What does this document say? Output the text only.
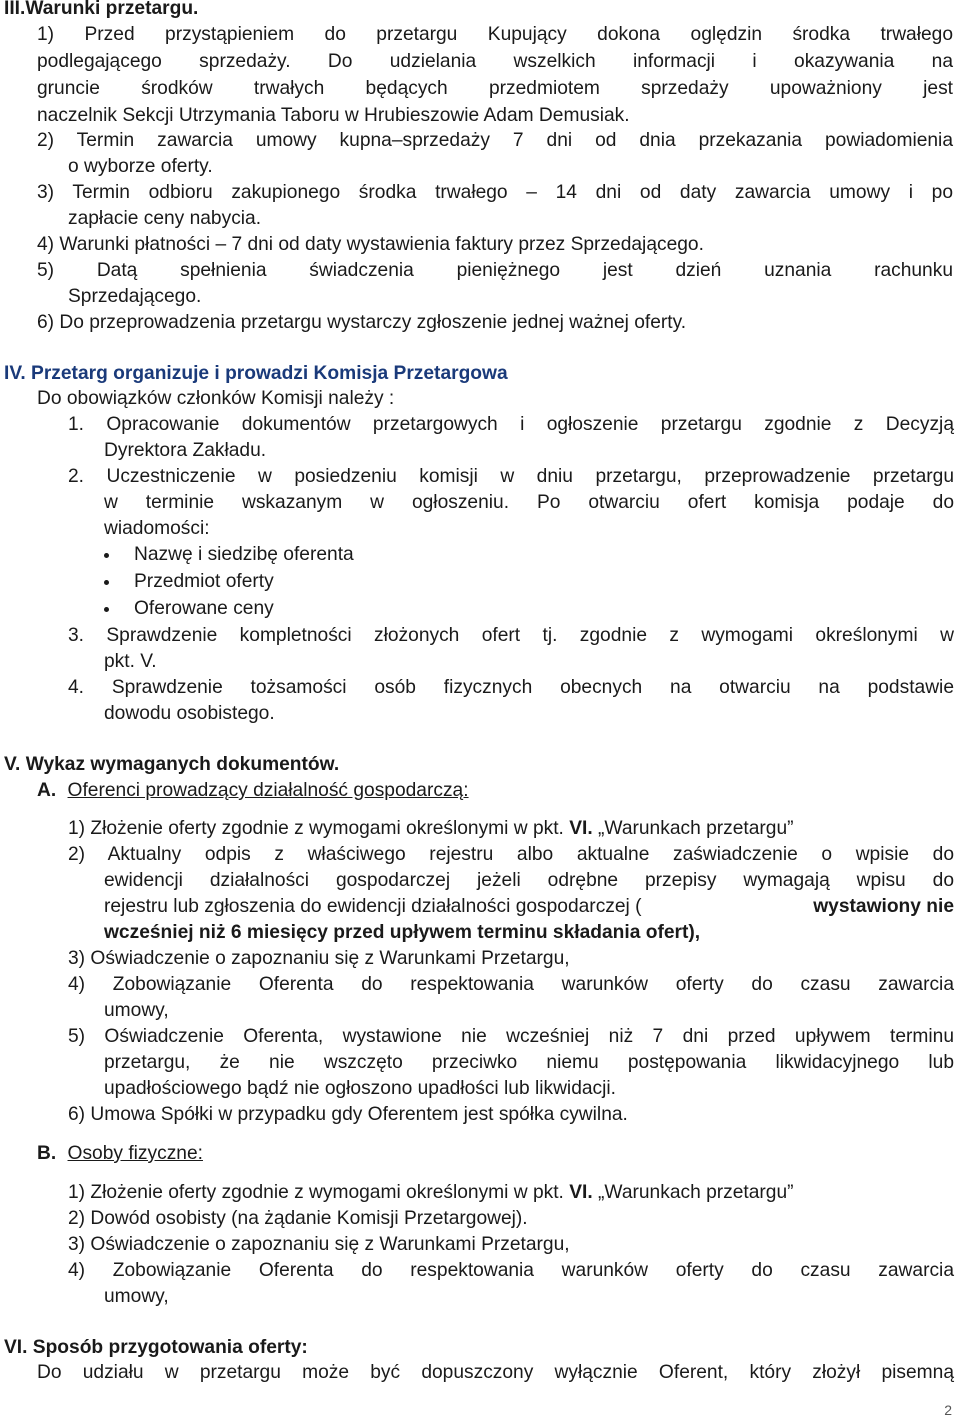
III.Warunki przetargu.
1) Przed przystąpieniem do przetargu Kupujący dokona oględzin środka trwałego
podlegającego sprzedaży. Do udzielania wszelkich informacji i okazywania na
gruncie środków trwałych będących przedmiotem sprzedaży upoważniony jest
naczelnik Sekcji Utrzymania Taboru w Hrubieszowie Adam Demusiak.
2) Termin zawarcia umowy kupna–sprzedaży 7 dni od dnia przekazania powiadomienia
o wyborze oferty.
3) Termin odbioru zakupionego środka trwałego – 14 dni od daty zawarcia umowy i po
zapłacie ceny nabycia.
4) Warunki płatności – 7 dni od daty wystawienia faktury przez Sprzedającego.
5) Datą spełnienia świadczenia pieniężnego jest dzień uznania rachunku
Sprzedającego.
6) Do przeprowadzenia przetargu wystarczy zgłoszenie jednej ważnej oferty.
IV. Przetarg organizuje i prowadzi Komisja Przetargowa
Do obowiązków członków Komisji należy :
1. Opracowanie dokumentów przetargowych i ogłoszenie przetargu zgodnie z Decyzją
Dyrektora Zakładu.
2. Uczestniczenie w posiedzeniu komisji w dniu przetargu, przeprowadzenie przetargu
w terminie wskazanym w ogłoszeniu. Po otwarciu ofert komisja podaje do
wiadomości:
Nazwę i siedzibę oferenta
Przedmiot oferty
Oferowane ceny
3. Sprawdzenie kompletności złożonych ofert tj. zgodnie z wymogami określonymi w
pkt. V.
4. Sprawdzenie tożsamości osób fizycznych obecnych na otwarciu na podstawie
dowodu osobistego.
V. Wykaz wymaganych dokumentów.
A. Oferenci prowadzący działalność gospodarczą:
1) Złożenie oferty zgodnie z wymogami określonymi w pkt. VI. „Warunkach przetargu”
2) Aktualny odpis z właściwego rejestru albo aktualne zaświadczenie o wpisie do
ewidencji działalności gospodarczej jeżeli odrębne przepisy wymagają wpisu do
rejestru lub zgłoszenia do ewidencji działalności gospodarczej (	wystawiony nie
wcześniej niż 6 miesięcy przed upływem terminu składania ofert),
3) Oświadczenie o zapoznaniu się z Warunkami Przetargu,
4) Zobowiązanie Oferenta do respektowania warunków oferty do czasu zawarcia
umowy,
5) Oświadczenie Oferenta, wystawione nie wcześniej niż 7 dni przed upływem terminu
przetargu, że nie wszczęto przeciwko niemu postępowania likwidacyjnego lub
upadłościowego bądź nie ogłoszono upadłości lub likwidacji.
6) Umowa Spółki w przypadku gdy Oferentem jest spółka cywilna.
B. Osoby fizyczne:
1) Złożenie oferty zgodnie z wymogami określonymi w pkt. VI. „Warunkach przetargu”
2) Dowód osobisty (na żądanie Komisji Przetargowej).
3) Oświadczenie o zapoznaniu się z Warunkami Przetargu,
4) Zobowiązanie Oferenta do respektowania warunków oferty do czasu zawarcia
umowy,
VI. Sposób przygotowania oferty:
Do udziału w przetargu może być dopuszczony wyłącznie Oferent, który złożył pisemną
2
